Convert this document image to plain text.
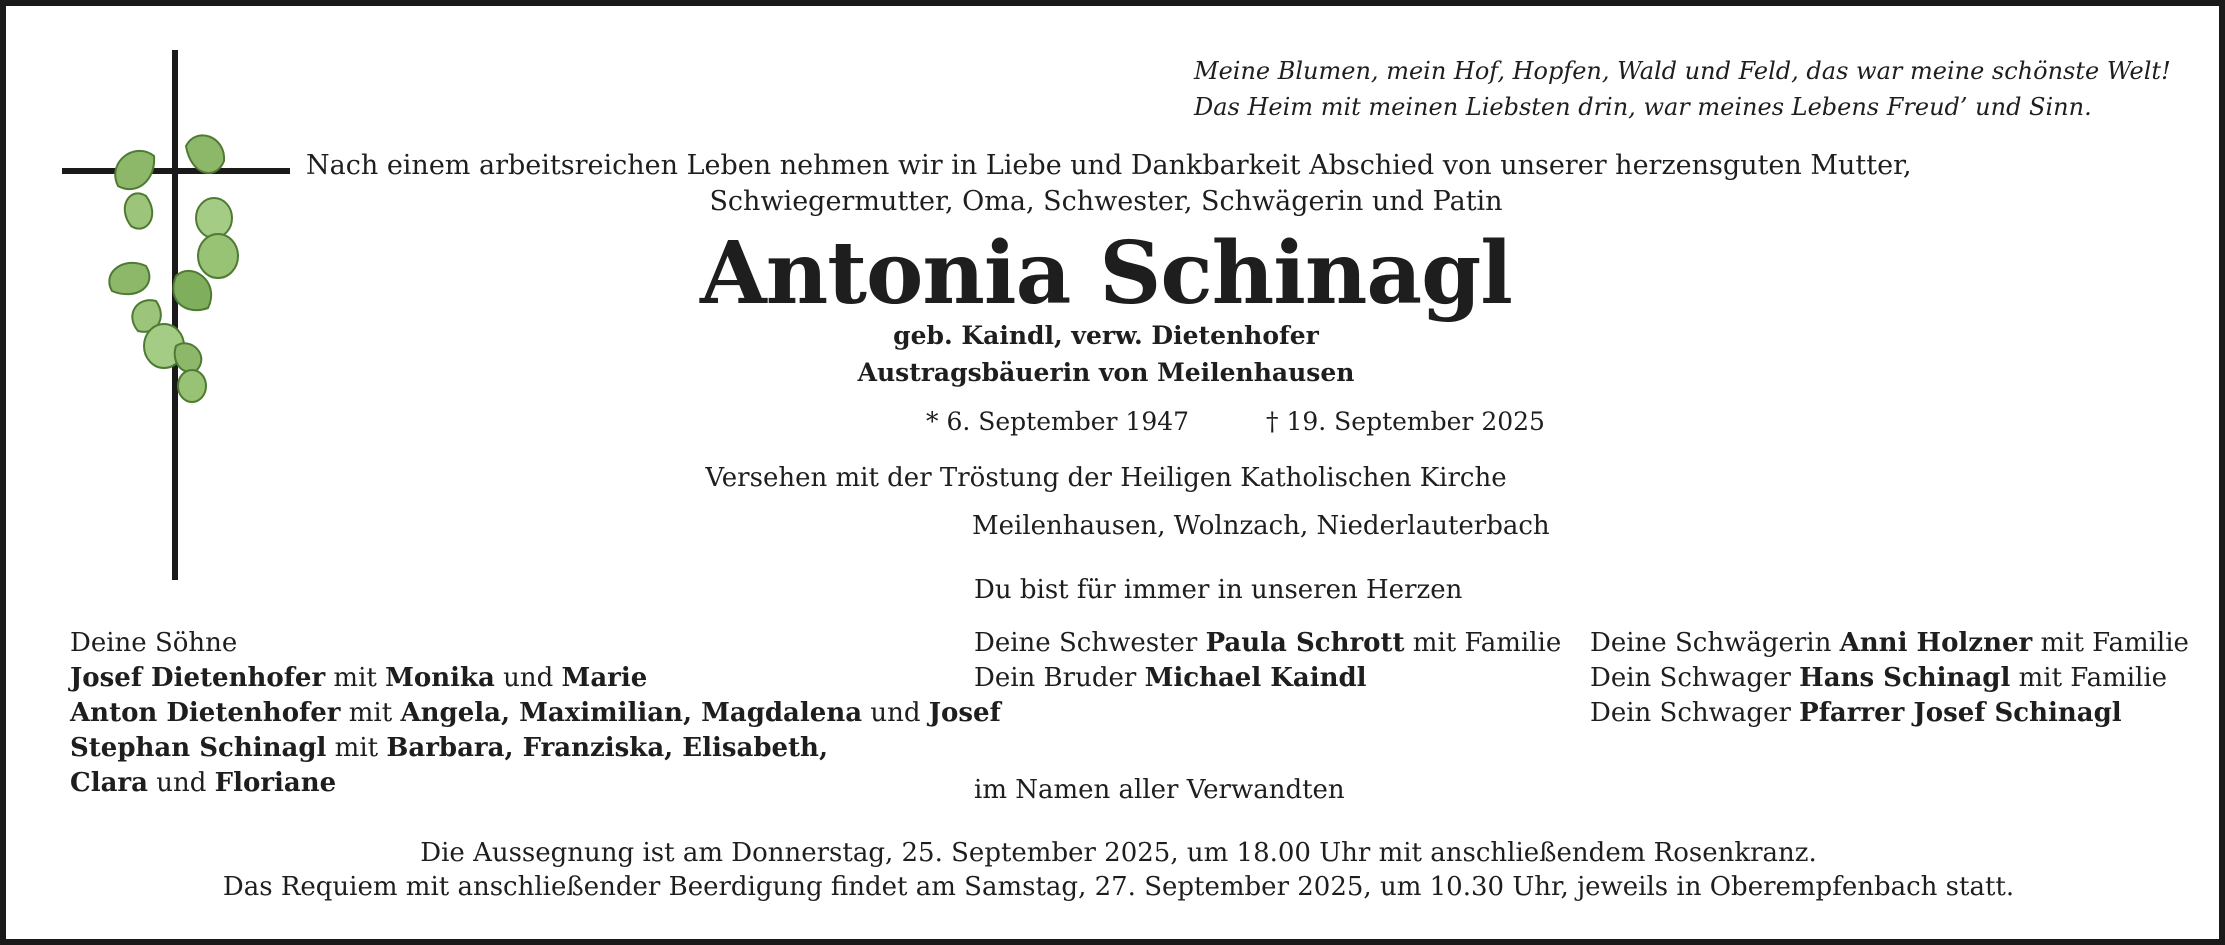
Meine Blumen, mein Hof, Hopfen, Wald und Feld, das war meine schönste Welt!
Das Heim mit meinen Liebsten drin, war meines Lebens Freud’ und Sinn.
Nach einem arbeitsreichen Leben nehmen wir in Liebe und Dankbarkeit Abschied von unserer herzensguten Mutter,
Schwiegermutter, Oma, Schwester, Schwägerin und Patin
Antonia Schinagl
geb. Kaindl, verw. Dietenhofer
Austragsbäuerin von Meilenhausen
* 6. September 1947	† 19. September 2025
Versehen mit der Tröstung der Heiligen Katholischen Kirche
Meilenhausen, Wolnzach, Niederlauterbach
Du bist für immer in unseren Herzen
Deine Söhne
Josef Dietenhofer mit Monika und Marie
Anton Dietenhofer mit Angela, Maximilian, Magdalena und Josef
Stephan Schinagl mit Barbara, Franziska, Elisabeth,
Clara und Floriane
Deine Schwester Paula Schrott mit Familie
Dein Bruder Michael Kaindl
Deine Schwägerin Anni Holzner mit Familie
Dein Schwager Hans Schinagl mit Familie
Dein Schwager Pfarrer Josef Schinagl
im Namen aller Verwandten
Die Aussegnung ist am Donnerstag, 25. September 2025, um 18.00 Uhr mit anschließendem Rosenkranz.
Das Requiem mit anschließender Beerdigung findet am Samstag, 27. September 2025, um 10.30 Uhr, jeweils in Oberempfenbach statt.
